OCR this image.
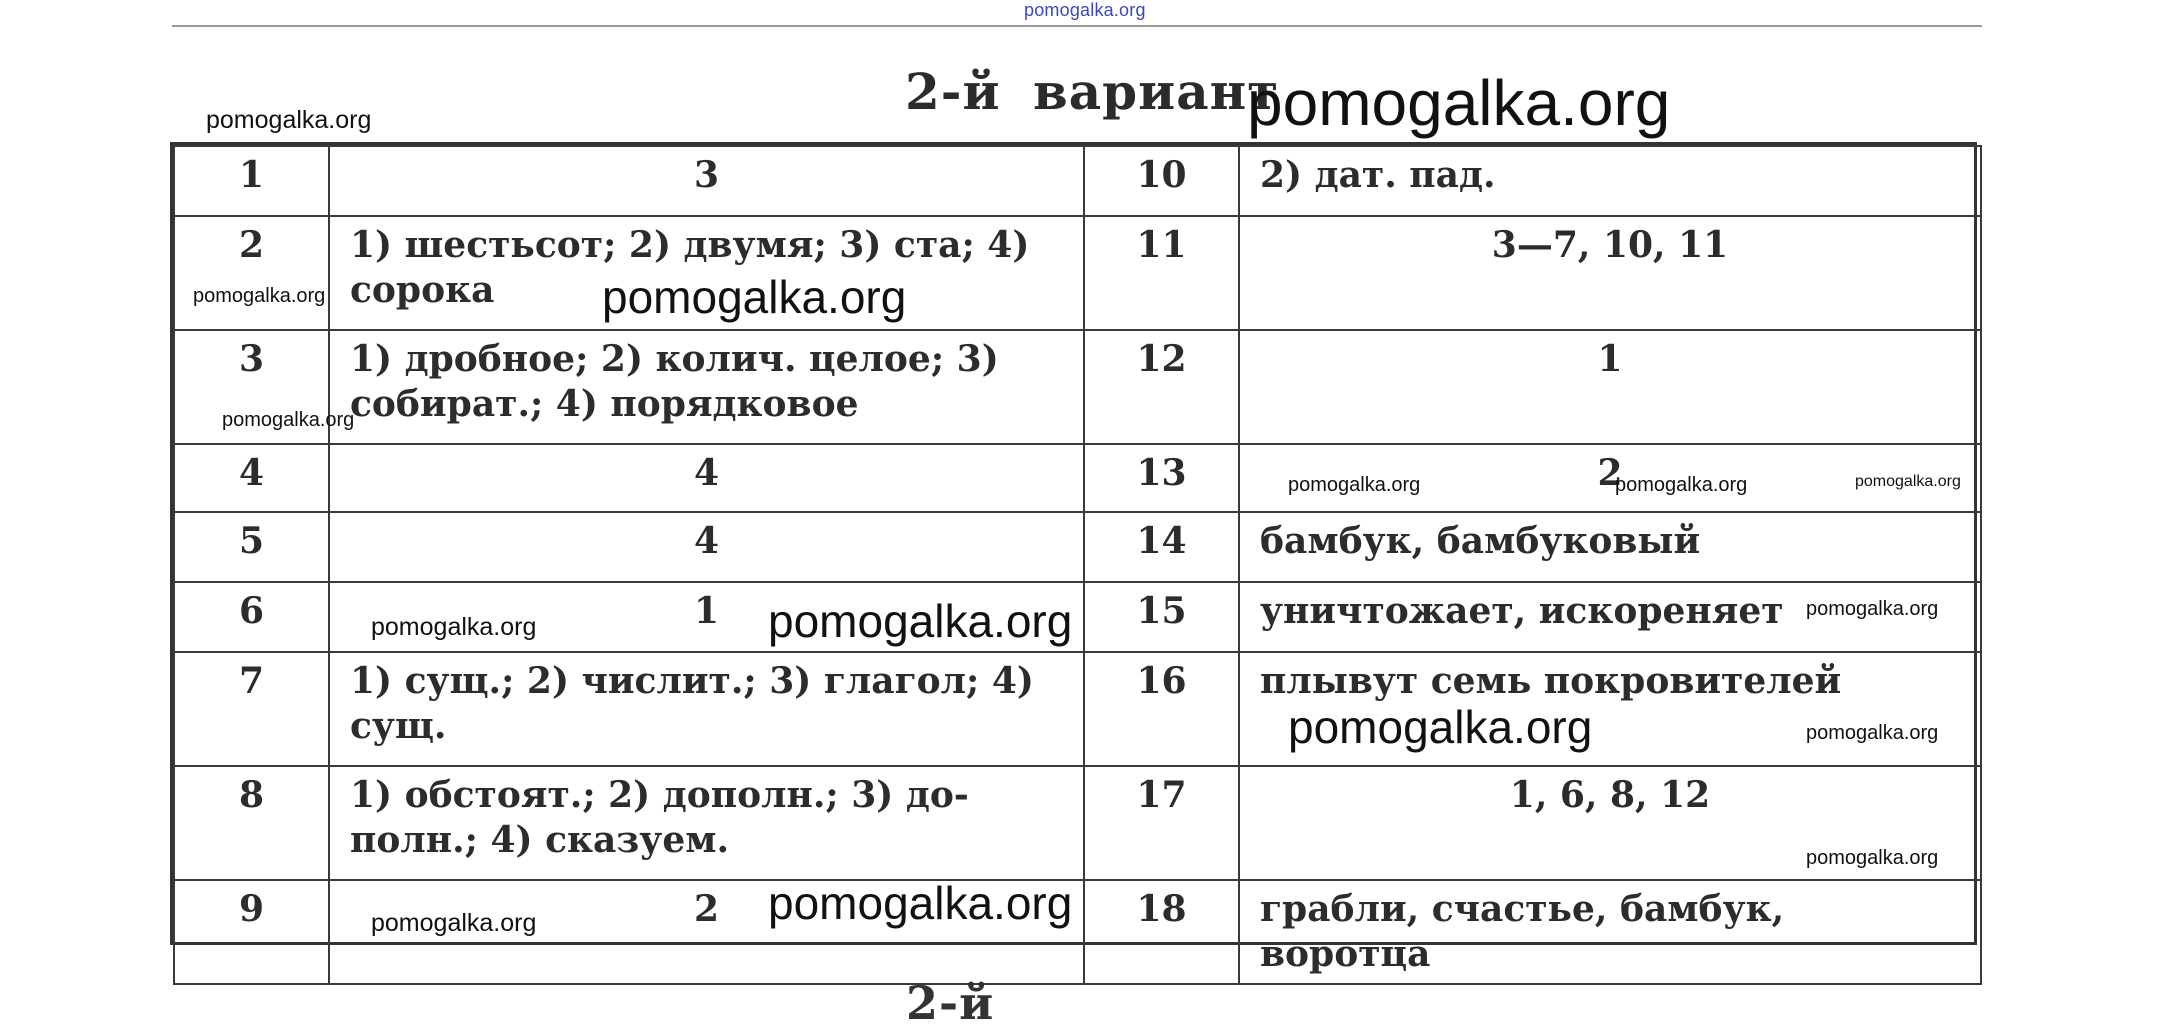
pomogalka.org
2-й вариант
1	3	10	2) дат. пад.
2	1) шестьсот; 2) двумя; 3) ста; 4) сорока	11	3—7, 10, 11
3	1) дробное; 2) колич. целое; 3) собират.; 4) порядковое	12	1
4	4	13	2
5	4	14	бамбук, бамбуковый
6	1	15	уничтожает, искореняет
7	1) сущ.; 2) числит.; 3) глагол; 4) сущ.	16	плывут семь покровителей
8	1) обстоят.; 2) дополн.; 3) до-полн.; 4) сказуем.	17	1, 6, 8, 12
9	2	18	грабли, счастье, бамбук, воротца
pomogalka.org	pomogalka.org
pomogalka.org	pomogalka.org
pomogalka.org
pomogalka.org	pomogalka.org	pomogalka.org
pomogalka.org	pomogalka.org	pomogalka.org
pomogalka.org	pomogalka.org
pomogalka.org
pomogalka.org
pomogalka.org
2-й
